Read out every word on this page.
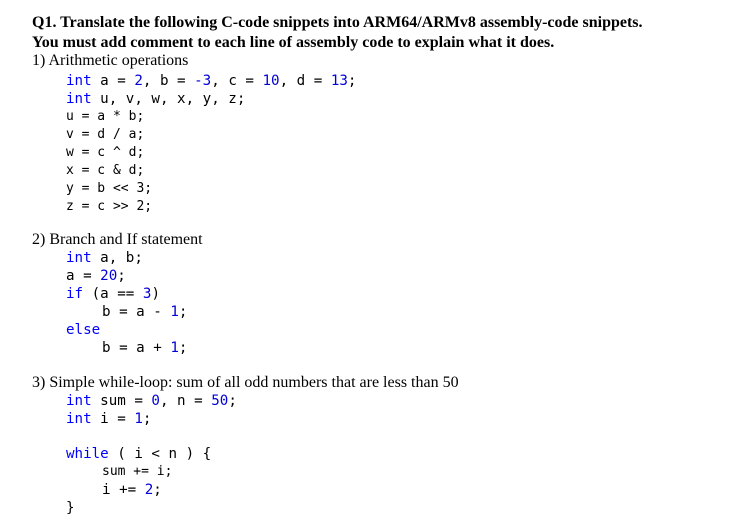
Q1. Translate the following C-code snippets into ARM64/ARMv8 assembly-code snippets.
You must add comment to each line of assembly code to explain what it does.

1) Arithmetic operations

int a = 2, b = -3, c = 10, d = 13;
int u, v, w, x, y, z;
u = a * b;
v = d / a;
w = c ^ d;
x = c & d;
y = b << 3;
z = c >> 2;

2) Branch and If statement

int a, b;
a = 20;
if (a == 3)
b = a - 1;
else
b = a + 1;

3) Simple while-loop: sum of all odd numbers that are less than 50

int sum = 0, n = 50;
int i = 1;
while ( i < n ) {
sum += i;
i += 2;
}
